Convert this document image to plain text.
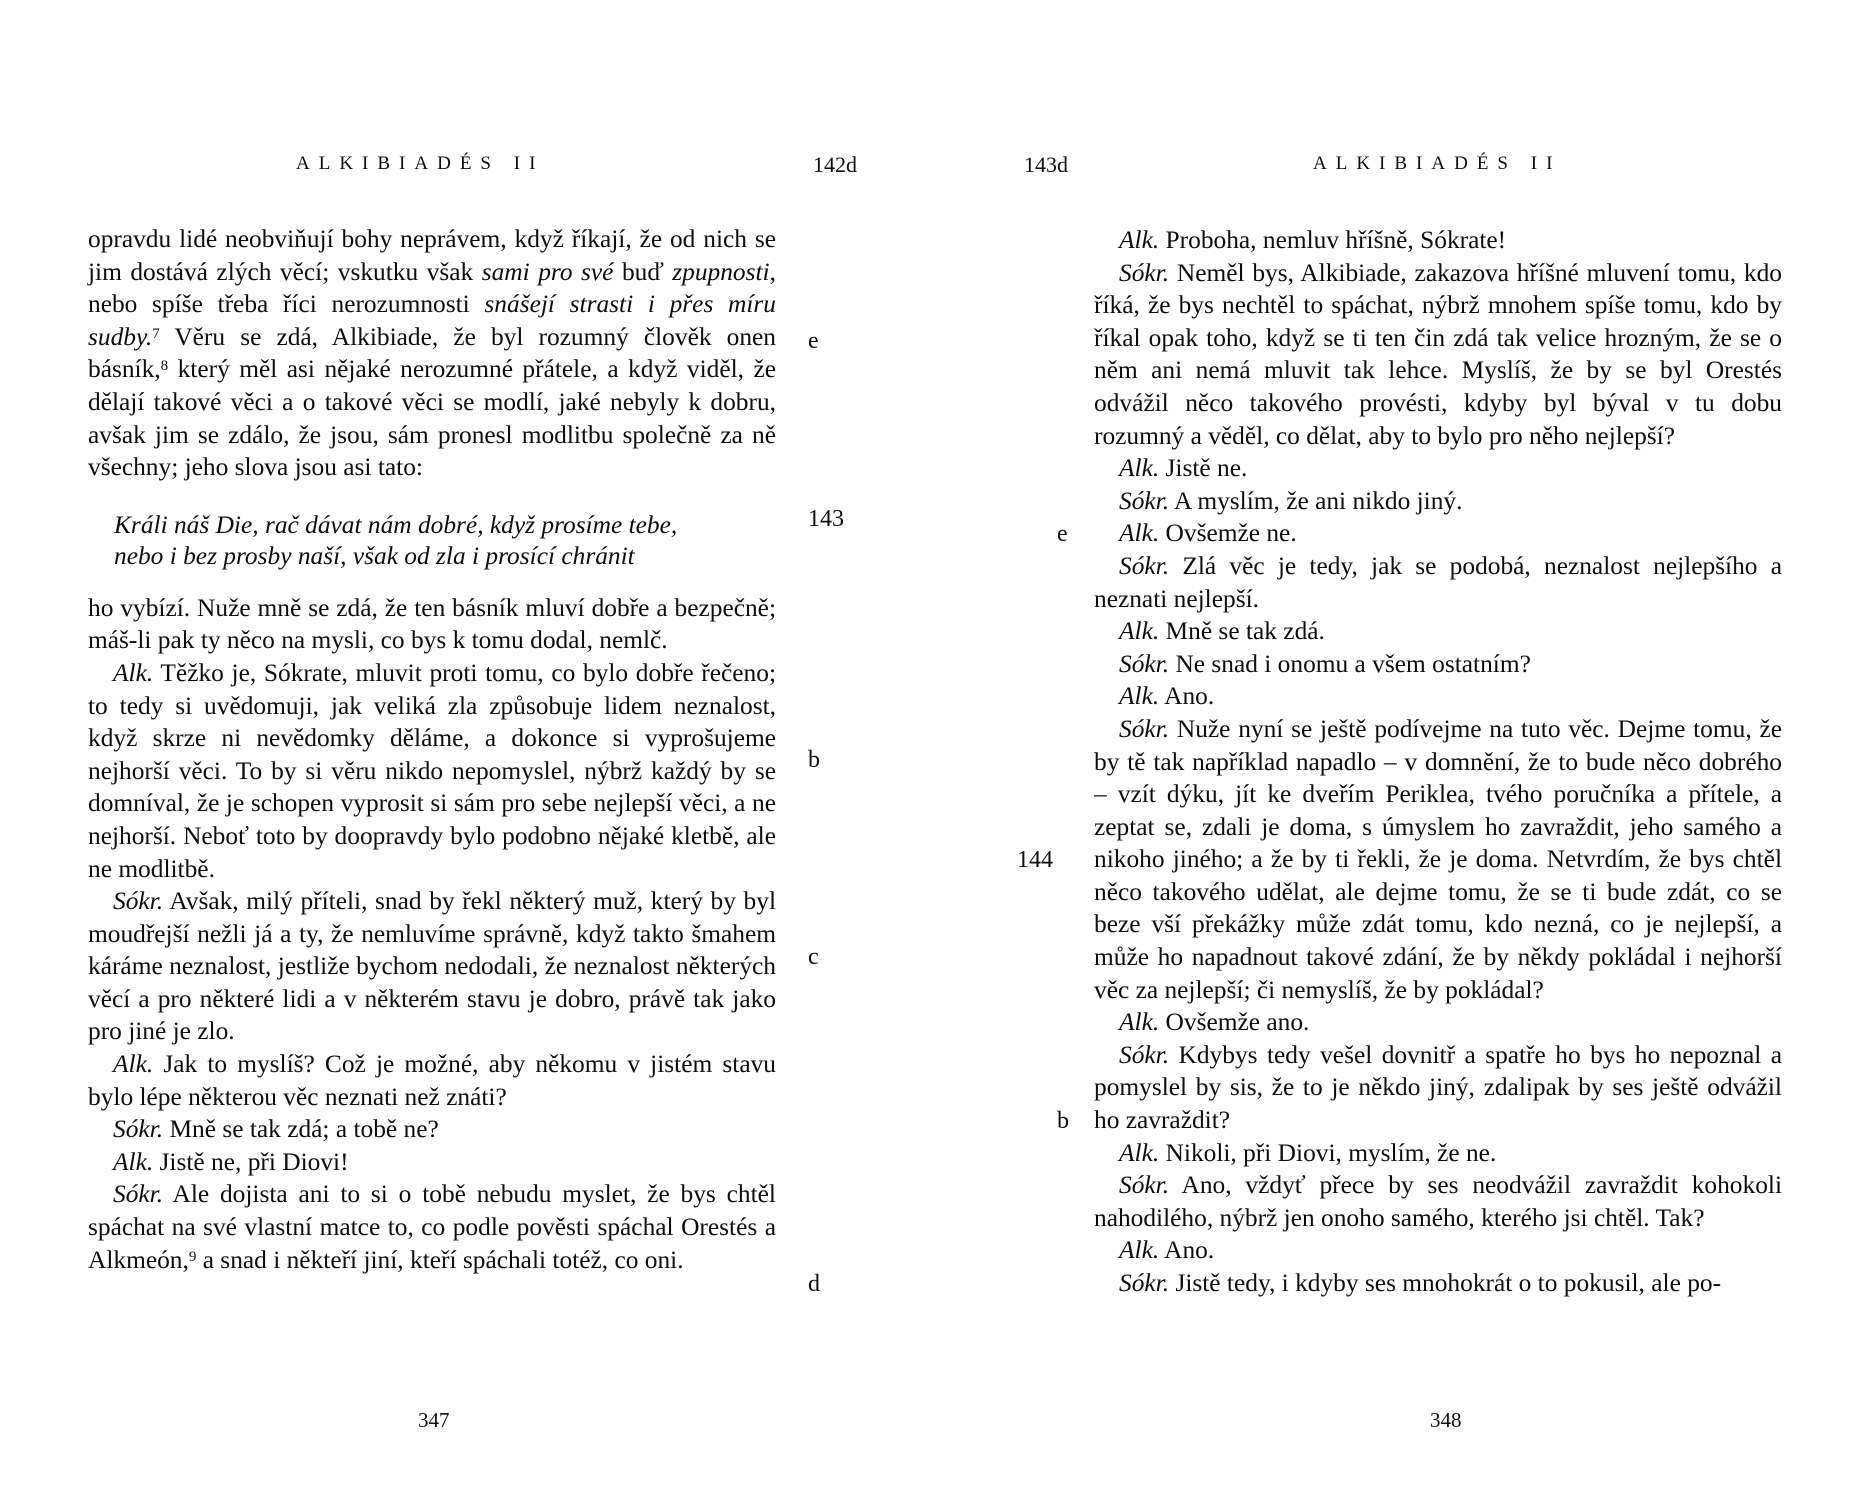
ALKIBIADÉS II	142d

opravdu lidé neobviňují bohy neprávem, když říkají, že od nich se jim dostává zlých věcí; vskutku však sami pro své buď zpupnosti, nebo spíše třeba říci nerozumnosti snášejí strasti i přes míru sudby.$^7$ Věru se zdá, Alkibiade, že byl rozumný člověk onen básník,$^8$ který měl asi nějaké nerozumné přátele, a když viděl, že dělají takové věci a o takové věci se modlí, jaké nebyly k dobru, avšak jim se zdálo, že jsou, sám pronesl modlitbu společně za ně všechny; jeho slova jsou asi tato:

Králi náš Die, rač dávat nám dobré, když prosíme tebe,
nebo i bez prosby naší, však od zla i prosící chránit

ho vybízí. Nuže mně se zdá, že ten básník mluví dobře a bezpečně; máš-li pak ty něco na mysli, co bys k tomu dodal, nemlč.

Alk. Těžko je, Sókrate, mluvit proti tomu, co bylo dobře řečeno; to tedy si uvědomuji, jak veliká zla způsobuje lidem neznalost, když skrze ni nevědomky děláme, a dokonce si vyprošujeme nejhorší věci. To by si věru nikdo nepomyslel, nýbrž každý by se domníval, že je schopen vyprosit si sám pro sebe nejlepší věci, a ne nejhorší. Neboť toto by doopravdy bylo podobno nějaké kletbě, ale ne modlitbě.

Sókr. Avšak, milý příteli, snad by řekl některý muž, který by byl moudřejší nežli já a ty, že nemluvíme správně, když takto šmahem káráme neznalost, jestliže bychom nedodali, že neznalost některých věcí a pro některé lidi a v některém stavu je dobro, právě tak jako pro jiné je zlo.

Alk. Jak to myslíš? Což je možné, aby někomu v jistém stavu bylo lépe některou věc neznati než znáti?

Sókr. Mně se tak zdá; a tobě ne?

Alk. Jistě ne, při Diovi!

Sókr. Ale dojista ani to si o tobě nebudu myslet, že bys chtěl spáchat na své vlastní matce to, co podle pověsti spáchal Orestés a Alkmeón,$^9$ a snad i někteří jiní, kteří spáchali totéž, co oni.

e
143
b
c
d
347
143d	ALKIBIADÉS II

Alk. Proboha, nemluv hříšně, Sókrate!

Sókr. Neměl bys, Alkibiade, zakazova hříšné mluvení tomu, kdo říká, že bys nechtěl to spáchat, nýbrž mnohem spíše tomu, kdo by říkal opak toho, když se ti ten čin zdá tak velice hrozným, že se o něm ani nemá mluvit tak lehce. Myslíš, že by se byl Orestés odvážil něco takového provésti, kdyby byl býval v tu dobu rozumný a věděl, co dělat, aby to bylo pro něho nejlepší?

Alk. Jistě ne.

Sókr. A myslím, že ani nikdo jiný.

Alk. Ovšemže ne.

Sókr. Zlá věc je tedy, jak se podobá, neznalost nejlepšího a neznati nejlepší.

Alk. Mně se tak zdá.

Sókr. Ne snad i onomu a všem ostatním?

Alk. Ano.

Sókr. Nuže nyní se ještě podívejme na tuto věc. Dejme tomu, že by tě tak například napadlo – v domnění, že to bude něco dobrého – vzít dýku, jít ke dveřím Perikleа, tvého poručníka a přítele, a zeptat se, zdali je doma, s úmyslem ho zavraždit, jeho samého a nikoho jiného; a že by ti řekli, že je doma. Netvrdím, že bys chtěl něco takového udělat, ale dejme tomu, že se ti bude zdát, co se beze vší překážky může zdát tomu, kdo nezná, co je nejlepší, a může ho napadnout takové zdání, že by někdy pokládal i nejhorší věc za nejlepší; či nemyslíš, že by pokládal?

Alk. Ovšemže ano.

Sókr. Kdybys tedy vešel dovnitř a spatře ho bys ho nepoznal a pomyslel by sis, že to je někdo jiný, zdalipak by ses ještě odvážil ho zavraždit?

Alk. Nikoli, při Diovi, myslím, že ne.

Sókr. Ano, vždyť přece by ses neodvážil zavraždit kohokoli nahodilého, nýbrž jen onoho samého, kterého jsi chtěl. Tak?

Alk. Ano.

Sókr. Jistě tedy, i kdyby ses mnohokrát o to pokusil, ale po-

e
144
b
348
